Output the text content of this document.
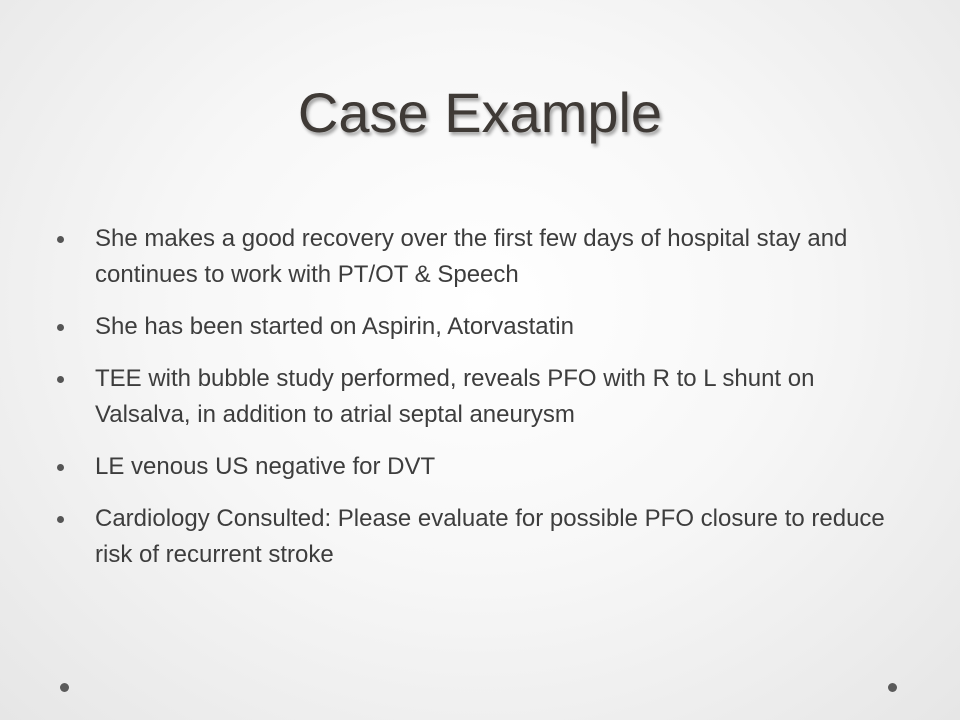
Case Example
She makes a good recovery over the first few days of hospital stay and continues to work with PT/OT & Speech
She has been started on Aspirin, Atorvastatin
TEE with bubble study performed, reveals PFO with R to L shunt on Valsalva, in addition to atrial septal aneurysm
LE venous US negative for DVT
Cardiology Consulted: Please evaluate for possible PFO closure to reduce risk of recurrent stroke
